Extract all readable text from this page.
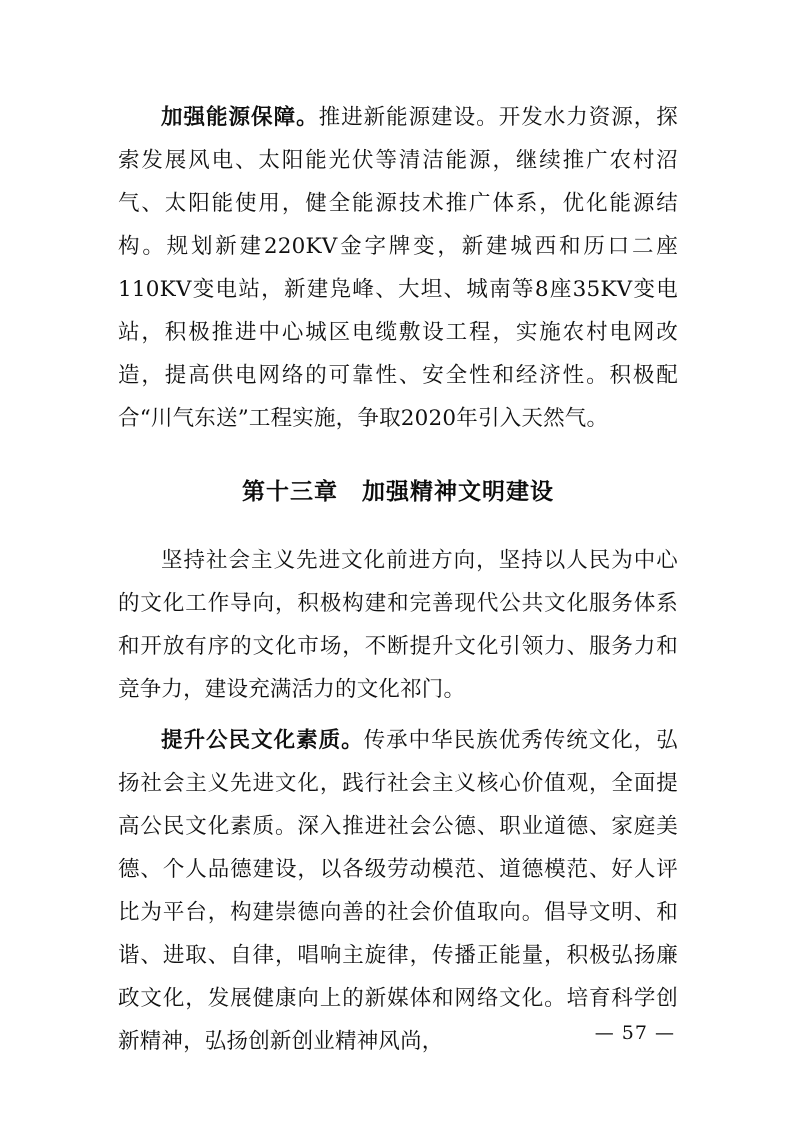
加强能源保障。推进新能源建设。开发水力资源，探索发展风电、太阳能光伏等清洁能源，继续推广农村沼气、太阳能使用，健全能源技术推广体系，优化能源结构。规划新建220KV金字牌变，新建城西和历口二座110KV变电站，新建凫峰、大坦、城南等8座35KV变电站，积极推进中心城区电缆敷设工程，实施农村电网改造，提高供电网络的可靠性、安全性和经济性。积极配合“川气东送”工程实施，争取2020年引入天然气。

第十三章　加强精神文明建设

坚持社会主义先进文化前进方向，坚持以人民为中心的文化工作导向，积极构建和完善现代公共文化服务体系和开放有序的文化市场，不断提升文化引领力、服务力和竞争力，建设充满活力的文化祁门。

提升公民文化素质。传承中华民族优秀传统文化，弘扬社会主义先进文化，践行社会主义核心价值观，全面提高公民文化素质。深入推进社会公德、职业道德、家庭美德、个人品德建设，以各级劳动模范、道德模范、好人评比为平台，构建崇德向善的社会价值取向。倡导文明、和谐、进取、自律，唱响主旋律，传播正能量，积极弘扬廉政文化，发展健康向上的新媒体和网络文化。培育科学创新精神，弘扬创新创业精神风尚，	— 57 —
